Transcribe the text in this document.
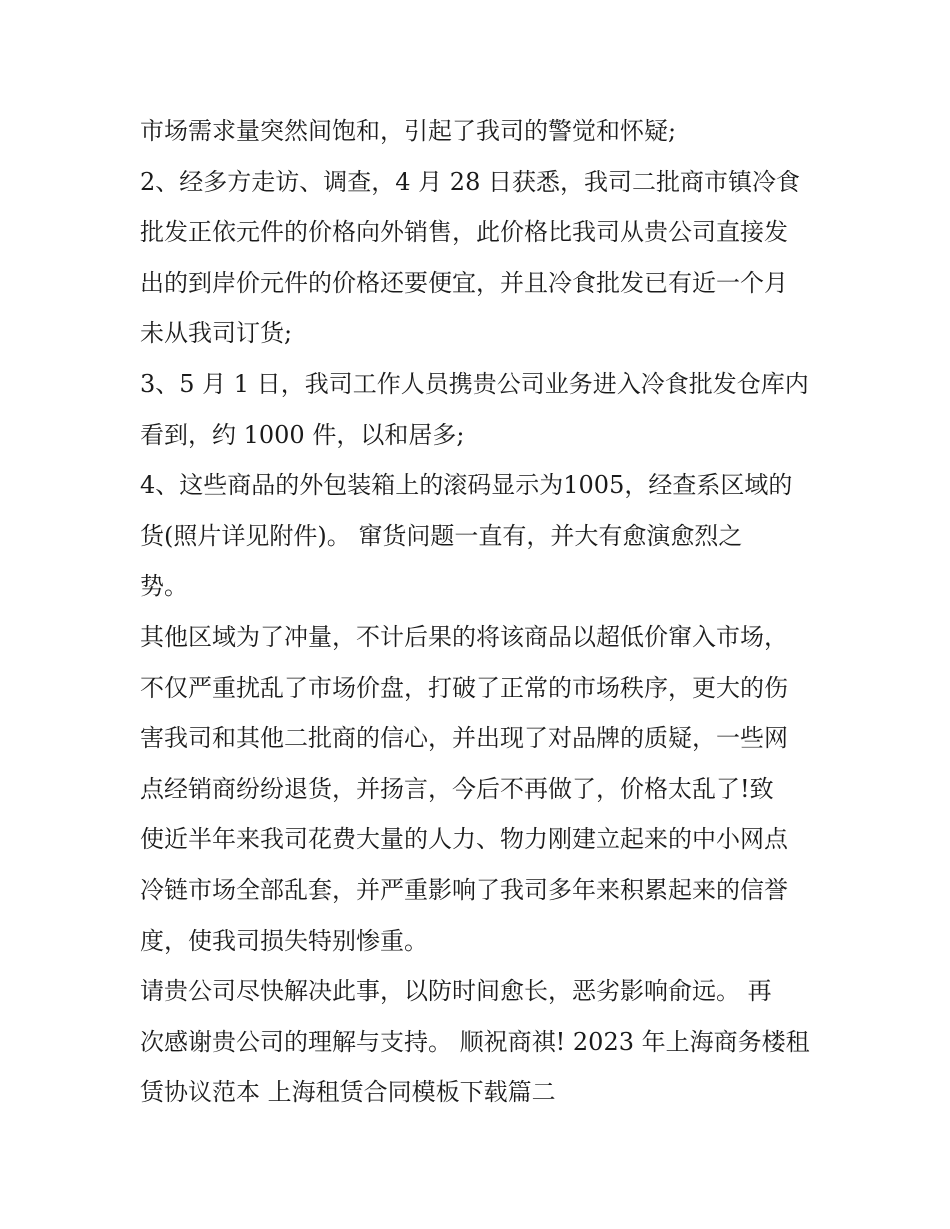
市场需求量突然间饱和，引起了我司的警觉和怀疑;
2、经多方走访、调查，4 月 28 日获悉，我司二批商市镇冷食
批发正依元件的价格向外销售，此价格比我司从贵公司直接发
出的到岸价元件的价格还要便宜，并且冷食批发已有近一个月
未从我司订货;
3、5 月 1 日，我司工作人员携贵公司业务进入冷食批发仓库内
看到，约 1000 件，以和居多;
4、这些商品的外包装箱上的滚码显示为1005，经查系区域的
货(照片详见附件)。 窜货问题一直有，并大有愈演愈烈之
势。
其他区域为了冲量，不计后果的将该商品以超低价窜入市场，
不仅严重扰乱了市场价盘，打破了正常的市场秩序，更大的伤
害我司和其他二批商的信心，并出现了对品牌的质疑，一些网
点经销商纷纷退货，并扬言，今后不再做了，价格太乱了!致
使近半年来我司花费大量的人力、物力刚建立起来的中小网点
冷链市场全部乱套，并严重影响了我司多年来积累起来的信誉
度，使我司损失特别惨重。
请贵公司尽快解决此事，以防时间愈长，恶劣影响俞远。 再
次感谢贵公司的理解与支持。 顺祝商祺! 2023 年上海商务楼租
赁协议范本 上海租赁合同模板下载篇二
